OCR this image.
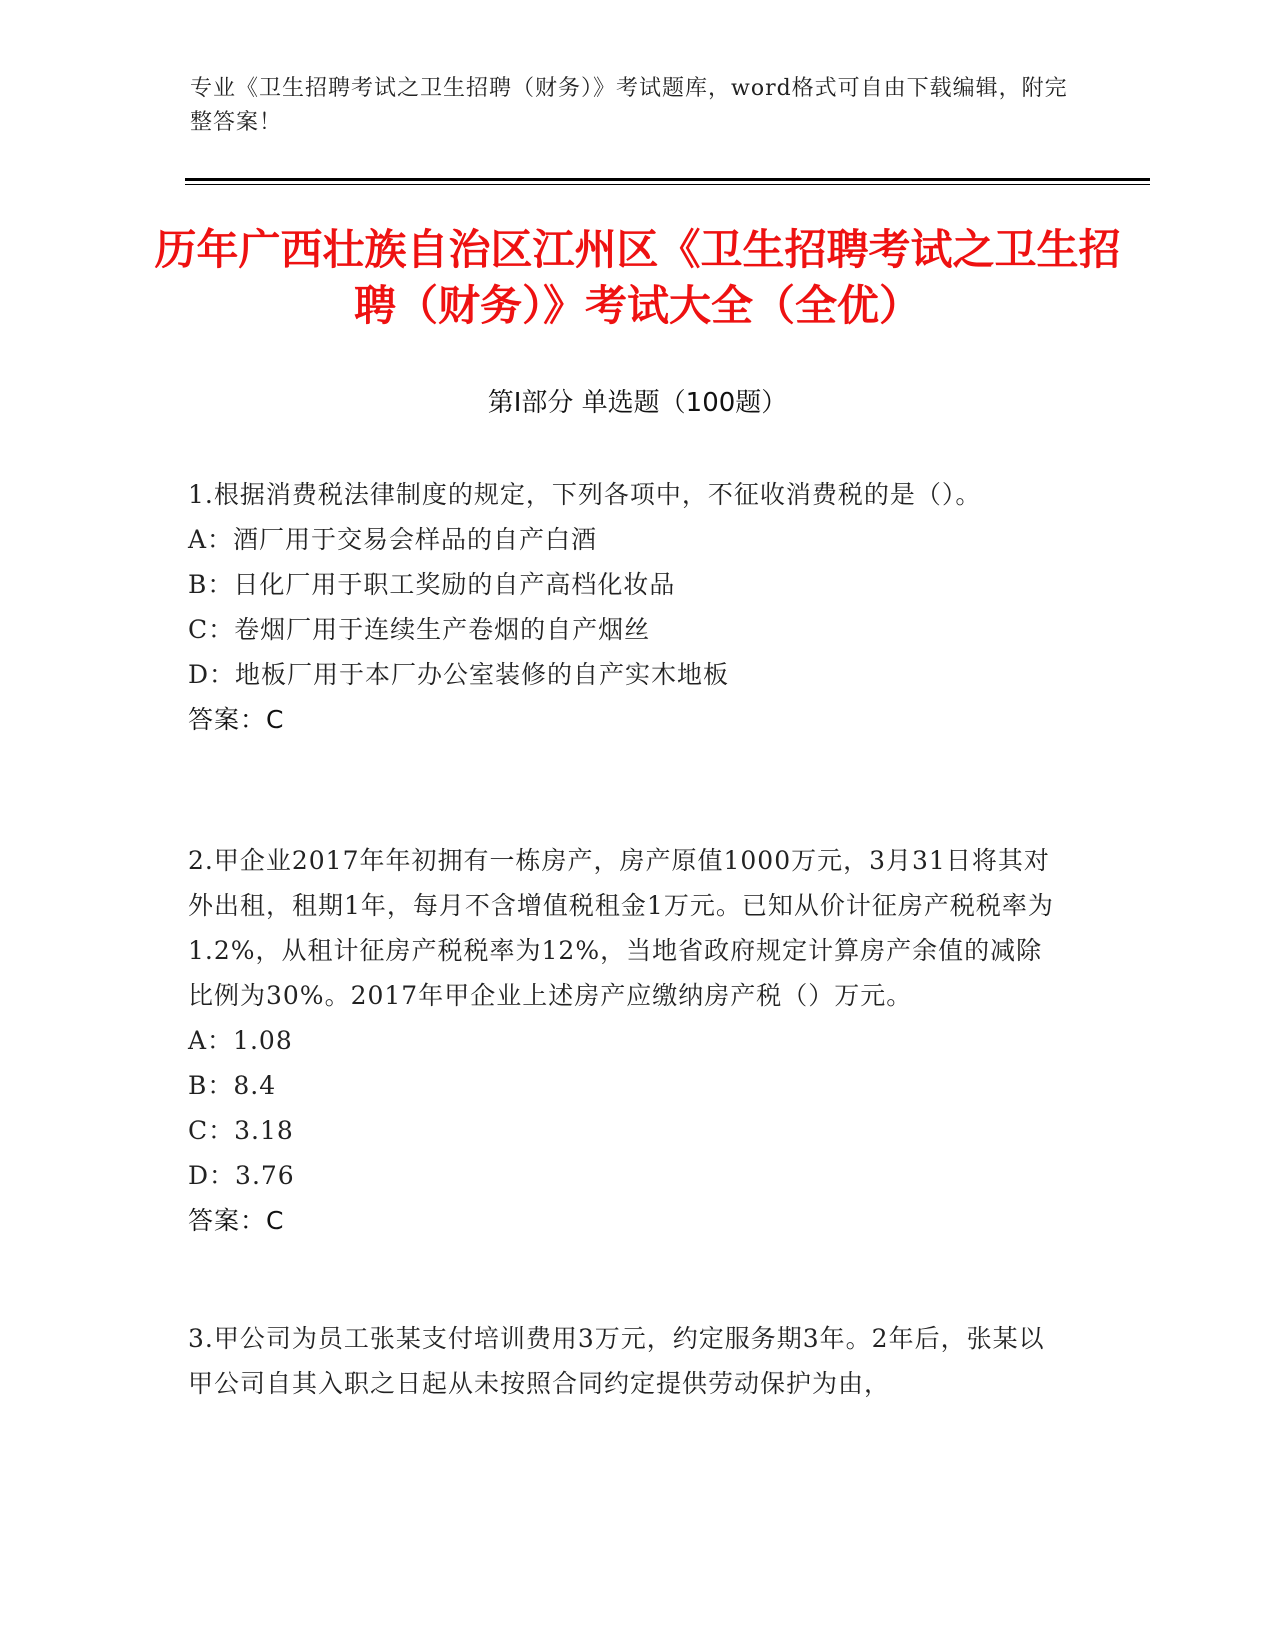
专业《卫生招聘考试之卫生招聘（财务）》考试题库，word格式可自由下载编辑，附完整答案！
历年广西壮族自治区江州区《卫生招聘考试之卫生招聘（财务）》考试大全（全优）
第Ⅰ部分 单选题（100题）
1.根据消费税法律制度的规定，下列各项中，不征收消费税的是（）。
A：酒厂用于交易会样品的自产白酒
B：日化厂用于职工奖励的自产高档化妆品
C：卷烟厂用于连续生产卷烟的自产烟丝
D：地板厂用于本厂办公室装修的自产实木地板
答案：C
2.甲企业2017年年初拥有一栋房产，房产原值1000万元，3月31日将其对外出租，租期1年，每月不含增值税租金1万元。已知从价计征房产税税率为1.2%，从租计征房产税税率为12%，当地省政府规定计算房产余值的减除比例为30%。2017年甲企业上述房产应缴纳房产税（）万元。
A：1.08
B：8.4
C：3.18
D：3.76
答案：C
3.甲公司为员工张某支付培训费用3万元，约定服务期3年。2年后，张某以甲公司自其入职之日起从未按照合同约定提供劳动保护为由，
